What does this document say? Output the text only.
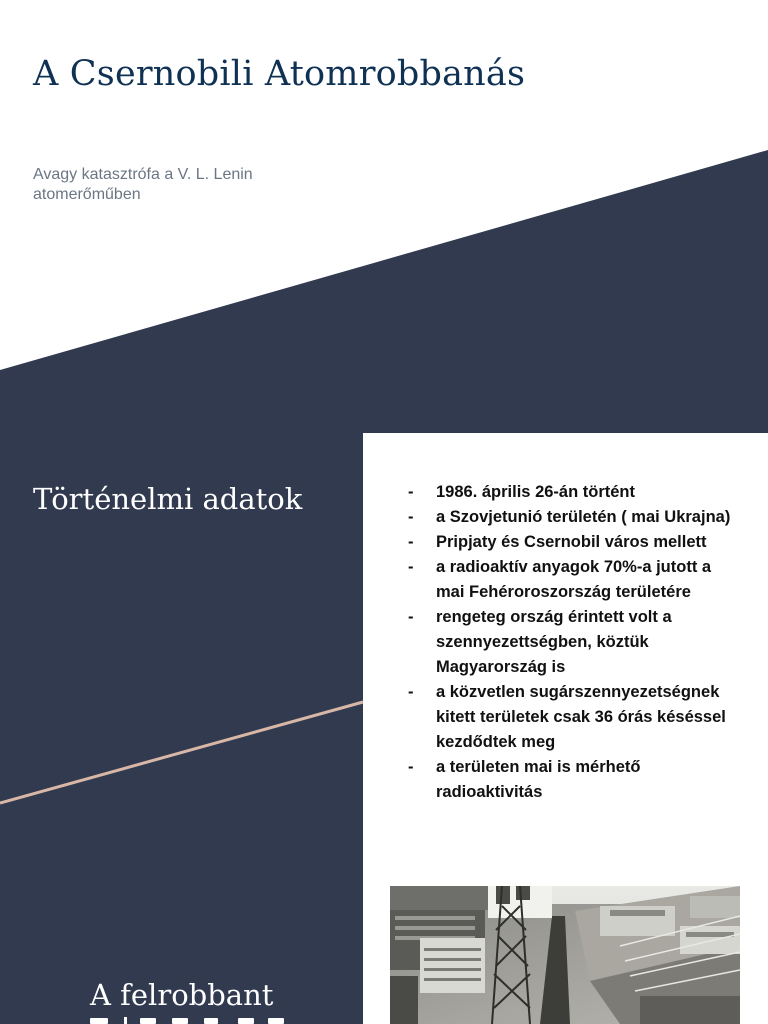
A Csernobili Atomrobbanás

Avagy katasztrófa a V. L. Lenin atomerőműben

Történelmi adatok	-	1986. április 26-án történt
-	a Szovjetunió területén ( mai Ukrajna)
-	Pripjaty és Csernobil város mellett
-	a radioaktív anyagok 70%-a jutott a mai Fehéroroszország területére
-	rengeteg ország érintett volt a szennyezettségben, köztük Magyarország is
-	a közvetlen sugárszennyezetségnek kitett területek csak 36 órás késéssel kezdődtek meg
-	a területen mai is mérhető radioaktivitás
A felrobbant
